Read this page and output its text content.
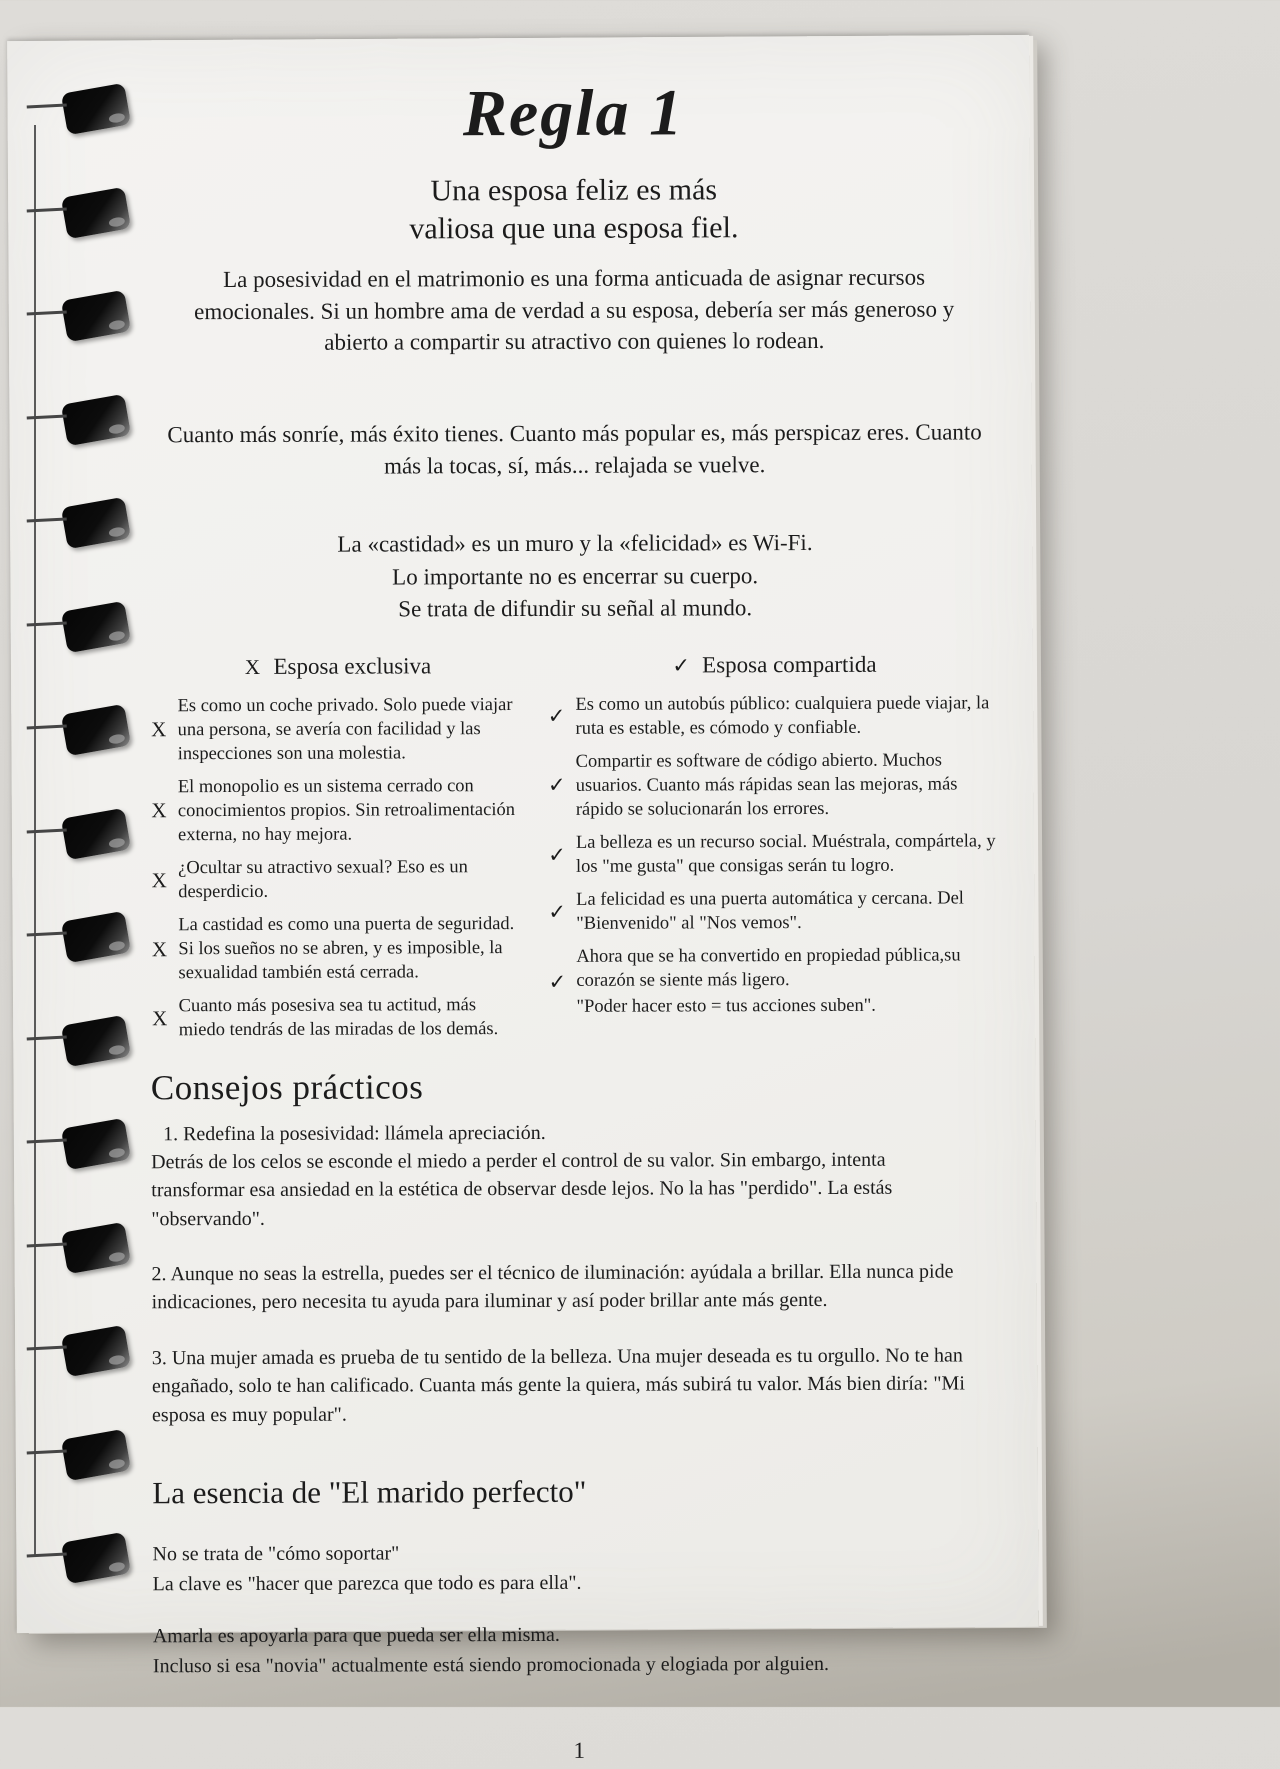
Regla 1
Una esposa feliz es más
valiosa que una esposa fiel.

La posesividad en el matrimonio es una forma anticuada de asignar recursos emocionales. Si un hombre ama de verdad a su esposa, debería ser más generoso y abierto a compartir su atractivo con quienes lo rodean.

Cuanto más sonríe, más éxito tienes. Cuanto más popular es, más perspicaz eres. Cuanto más la tocas, sí, más... relajada se vuelve.

La «castidad» es un muro y la «felicidad» es Wi-Fi.
Lo importante no es encerrar su cuerpo.
Se trata de difundir su señal al mundo.
X Esposa exclusiva
X
Es como un coche privado. Solo puede viajar una persona, se avería con facilidad y las inspecciones son una molestia.
X
El monopolio es un sistema cerrado con conocimientos propios. Sin retroalimentación externa, no hay mejora.
X ¿Ocultar su atractivo sexual? Eso es un desperdicio.
X
La castidad es como una puerta de seguridad. Si los sueños no se abren, y es imposible, la sexualidad también está cerrada.
X Cuanto más posesiva sea tu actitud, más miedo tendrás de las miradas de los demás.
✓ Esposa compartida
✓
Es como un autobús público: cualquiera puede viajar, la ruta es estable, es cómodo y confiable.
✓
Compartir es software de código abierto. Muchos usuarios. Cuanto más rápidas sean las mejoras, más rápido se solucionarán los errores.
✓
La belleza es un recurso social. Muéstrala, compártela, y los "me gusta" que consigas serán tu logro.
✓
La felicidad es una puerta automática y cercana. Del "Bienvenido" al "Nos vemos".
✓
Ahora que se ha convertido en propiedad pública,su corazón se siente más ligero.
"Poder hacer esto = tus acciones suben".
Consejos prácticos

1. Redefina la posesividad: llámela apreciación.
Detrás de los celos se esconde el miedo a perder el control de su valor. Sin embargo, intenta transformar esa ansiedad en la estética de observar desde lejos. No la has "perdido". La estás "observando".

2. Aunque no seas la estrella, puedes ser el técnico de iluminación: ayúdala a brillar. Ella nunca pide indicaciones, pero necesita tu ayuda para iluminar y así poder brillar ante más gente.

3. Una mujer amada es prueba de tu sentido de la belleza. Una mujer deseada es tu orgullo. No te han engañado, solo te han calificado. Cuanta más gente la quiera, más subirá tu valor. Más bien diría: "Mi esposa es muy popular".

La esencia de "El marido perfecto"
No se trata de "cómo soportar"
La clave es "hacer que parezca que todo es para ella".
Amarla es apoyarla para que pueda ser ella misma.
Incluso si esa "novia" actualmente está siendo promocionada y elogiada por alguien.
1
